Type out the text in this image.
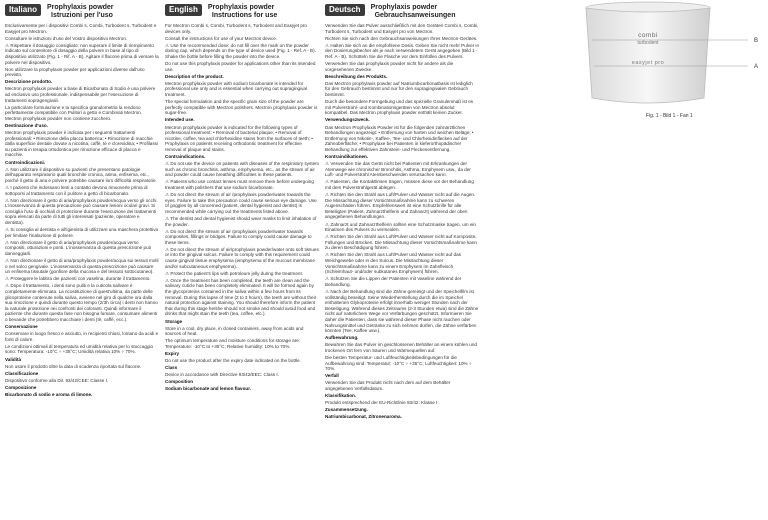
Italiano	Prophylaxis powder
Istruzioni per l'uso

Esclusivamente per i dispositivi Combi s, Combi, Turbodent s, Turbodent e Easyjet pro Mectron.

Consultare le istruzioni d'uso del Vostro dispositivo Mectron.

⚠ Rispettare il dosaggio consigliato: non superare il limite di riempimento indicato sul contenitore di dosaggio della polvere in base al tipo di dispositivo utilizzato (Fig. 1 - Rif. A - B). Agitare il flacone prima di versare la polvere nel dispositivo.

Non utilizzare la prophylaxis powder per applicazioni diverse dall'uso previsto.

Descrizione prodotto.

Mectron prophylaxis powder a base di Bicarbonato di Sodio è una polvere ad esclusivo uso professionale, indispensabile per l'esecuzione di trattamenti sopragengivali.

La particolare formulazione e la specifica granulometria la rendono perfettamente compatibile con Pulitori a getto e Combinati Mectron. Mectron prophylaxis powder non contiene zucchero.

Destinazione d'uso.

Mectron prophylaxis powder è indicata per i seguenti trattamenti professionali: • Rimozione della placca batterica; • Rimozione di macchie dalla superficie dentale dovute a nicotina, caffè, tè e clorexidina; • Profilassi su pazienti in terapia ortodontica per rimozione efficace di placca e macchie.

Controindicazioni.

⚠ Non utilizzare il dispositivo su pazienti che presentano patologie dell'apparato respiratorio quali bronchite cronica, asma, enfisema, etc., poiché il getto di aria e polvere potrebbe causare loro difficoltà respiratorie.

⚠ I pazienti che indossano lenti a contatto devono rimuoverle prima di sottoporsi al trattamento con il pulitore a getto di bicarbonato.

⚠ Non direzionare il getto di aria/prophylaxis powder/acqua verso gli occhi. L'inosservanza di questa precauzione può causare lesioni oculari gravi. Si consiglia l'uso di occhiali di protezione durante l'esecuzione dei trattamenti sopra elencati da parte di tutti gli interessati (paziente, operatore e dentista).

⚠ Si consiglia al dentista e all'igienista di utilizzare una maschera protettiva per limitare l'inalazione di polvere.

⚠ Non direzionare il getto di aria/prophylaxis powder/acqua verso compositi, otturazioni e ponti. L'inosservanza di questa prescrizione può danneggiarli.

⚠ Non direzionare il getto di aria/prophylaxis powder/acqua sui tessuti molli o nel solco gengivale. L'inosservanza di questa prescrizione può causare un enfisema tissutale (gonfiore della mucosa e del tessuto sottocutaneo).

⚠ Proteggere le labbra dei pazienti con vaselina, durante il trattamento.

⚠ Dopo il trattamento, i denti sono puliti e la cuticola salivare è completamente eliminata. La ricostituzione di quest'ultima, da parte delle glicoproteine contenute nella saliva, avviene nel giro di qualche ora dalla sua rimozione e quindi durante questo tempo (2/3h circa) i denti non hanno la naturale protezione nei confronti dei coloranti. Quindi informare il paziente che durante questa fase non bisogna fumare, consumare alimenti o bevande che potrebbero macchiare i denti (tè, caffè, ecc.).

Conservazione

Conservare in luogo fresco e asciutto, in recipienti chiusi, lontano da acidi e fonti di calore.

Le condizioni ottimali di temperatura ed umidità relativa per lo stoccaggio sono: Temperatura: -10°C ÷ +35°C; Umidità relativa 10% ÷ 70%.

Validità

Non usare il prodotto oltre la data di scadenza riportata sul flacone.

Classificazione

Dispositivo conforme alla Dir. 93/42/CEE: Classe I.

Composizione

Bicarbonato di sodio e aroma di limone.

English	Prophylaxis powder
Instructions for use

For Mectron Combi s, Combi, Turbodent s, Turbodent and Easyjet pro devices only.

Consult the instructions for use of your Mectron device.

⚠ Use the recommended dose: do not fill over the mark on the powder dosing cap, which depends on the type of device used (Fig. 1 - Ref. A - B). Shake the bottle before filling the powder into the device.

Do not use this prophylaxis powder for applications other than its intended use.

Description of the product.

Mectron prophylaxis powder with sodium bicarbonate is intended for professional use only and is essential when carrying out supragingival treatment.

The special formulation and the specific grain size of the powder are perfectly compatible with Mectron polishers. Mectron prophylaxis powder is sugar-free.

Intended use.

Mectron prophylaxis powder is indicated for the following types of professional treatment: • Removal of bacterial plaque; • Removal of nicotine, coffee, tea and chlorhexidine stains from the surfaces of teeth; • Prophylaxis on patients receiving orthodontic treatment for effective removal of plaque and stains.

Contraindications.

⚠ Do not use the device on patients with diseases of the respiratory system such as chronic bronchitis, asthma, emphysema, etc., as the stream of air and powder could cause breathing difficulties in these patients.

⚠ Patients who use contact lenses must remove them before undergoing treatment with polishers that use sodium bicarbonate.

⚠ Do not direct the stream of air /prophylaxis powder/water towards the eyes. Failure to take this precaution could cause serious eye damage. Use of goggles by all concerned (patient, dental hygienist and dentist) is recommended while carrying out the treatments listed above.

⚠ The dentist and dental hygienist should wear masks to limit inhalation of the powder.

⚠ Do not direct the stream of air /prophylaxis powder/water towards composites, fillings or bridges. Failure to comply could cause damage to these items.

⚠ Do not direct the stream of air/prophylaxis powder/water onto soft tissues or into the gingival sulcus. Failure to comply with this requirement could cause gingival tissue emphysema (emphysema of the mucous membrane and/or subcutaneous emphysema).

⚠ Protect the patient's lips with petroleum jelly during the treatment.

⚠ Once the treatment has been completed, the teeth are clean and the salivary cuticle has been completely eliminated. It will be formed again by the glycoproteins contained in the saliva within a few hours from its removal. During this lapse of time (2 to 3 hours), the teeth are without their natural protection against staining. You should therefore inform the patient that during this stage he/she should not smoke and should avoid food and drinks that might stain the teeth (tea, coffee, etc.).

Storage

Store in a cool, dry place, in closed containers, away from acids and sources of heat.

The optimum temperature and moisture conditions for storage are: Temperature: -10°C to +35°C; Relative humidity: 10% to 70%.

Expiry

Do not use the product after the expiry date indicated on the bottle.

Class

Device in accordance with Directive 93/42/EEC: Class I.

Composition

Sodium bicarbonate and lemon flavour.

Deutsch	Prophylaxis powder
Gebrauchsanweisungen

Verwenden Sie das Pulver ausschließlich mit den Geräten Combi s, Combi, Turbodent s, Turbodent und Easyjet pro von Mectron.

Richten Sie sich nach den Gebrauchsanweisungen Ihres Mectron-Gerätes.

⚠ Halten Sie sich an die empfohlene Dosis. Geben Sie nicht mehr Pulver in den Dosierungsbecher als je nach verwendetem Gerät angegeben (Bild 1 - Ref. A - B). Schütteln Sie die Flasche vor dem Einfüllen des Pulvers.

Verwenden Sie das prophylaxis powder nicht für andere als die vorgesehenen Zwecke.

Beschreibung des Produkts.

Das Mectron prophylaxis powder auf Natriumbicarbonatbasis ist lediglich für den Gebrauch bestimmt und nur für den supragingivalen Gebrauch bestimmt.

Durch die besondere Formgebung und das spezielle Granulenmaß ist es mit Pulverstrahl- und Kombinationsgeräten von Mectron absolut kompatibel. Das Mectron prophylaxis powder enthält keinen Zucker.

Verwendungszweck.

Das Mectron Prophylaxis Powder ist für die folgenden zahnärztlichen Behandlungen angezeigt: • Entfernung von harten und weichen Beläge; • Entfernung von Nikotin-, Kaffee-, Tee- und Chlorhexidinflecken auf der Zahnoberfläche; • Prophylaxe bei Patienten in kieferorthopädischer Behandlung zur effektiven Zahnstein- und Fleckenentfernung.

Kontraindikationen.

⚠ Verwenden Sie das Gerät nicht bei Patienten mit Erkrankungen der Atemwege wie chronischer Bronchitis, Asthma, Emphysem usw., da der Luft- und Pulverstrahl Atembeschwerden verursachen kann.

⚠ Patienten, die Kontaktlinsen tragen, müssen diese vor der Behandlung mit dem Pulverstrahlgerät ablegen.

⚠ Richten Sie den Strahl aus Luft/Pulver und Wasser nicht auf die Augen. Die Missachtung dieser Vorsichtsmaßnahme kann zu schweren Augenschäden führen. Empfehlenswert ist eine Schutzbrille für alle Beteiligten (Patient, Zahnarzthelferin und Zahnarzt) während der oben angegebenen Behandlungen.

⚠ Zahnarzt und Zahnarzthelferin sollten eine Schutzmaske tragen, um ein Einatmen des Pulvers zu vermeiden.

⚠ Richten Sie den Strahl aus Luft/Pulver und Wasser nicht auf Komposite, Füllungen und Brücken. Die Missachtung dieser Vorsichtsmaßnahme kann zu deren Beschädigung führen.

⚠ Richten Sie den Strahl aus Luft/Pulver und Wasser nicht auf das Weichgewebe oder in den Sulcus. Die Missachtung dieser Vorsichtsmaßnahme kann zu einem Emphysem im Zahnfleisch (Schleimhaut- und/oder subkutanes Emphysem) führen.

⚠ Schützen Sie die Lippen der Patienten mit Vaseline während der Behandlung.

⚠ Nach der Behandlung sind die Zähne gereinigt und der Speichelfilm ist vollständig beseitigt. Seine Wiederherstellung durch die im Speichel enthaltenen Glykoproteine erfolgt innerhalb weniger Stunden nach der Beseitigung. Während dieses Zeitraums (2-3 Stunden etwa) sind die Zähne nicht auf natürlichem Wege vor Verfärbungen geschützt. Informieren Sie daher die Patienten, dass sie während dieser Phase nicht rauchen oder Nahrungsmittel und Getränke zu sich nehmen dürfen, die Zähne verfärben könnten (Tee, Kaffee usw.).

Aufbewahrung.

Bewahren Sie das Pulver im geschlossenen Behälter an einem kühlen und trockenen Ort fern von Säuren und Wärmequellen auf.

Die besten Temperatur- und Luftfeuchtigkeitsbedingungen für die Aufbewahrung sind: Temperatur: -10°C ÷ +35°C; Luftfeuchtigkeit: 10% ÷ 70%.

Verfall

Verwenden Sie das Produkt nicht nach dem auf dem Behälter angegebenen Verfallsdatum.

Klassifikation.

Produkt entsprechend der EU-Richtlinie 93/42: Klasse I.

Zusammensetzung.

Natriumbicarbonat, Zitronenaroma.

combi
turbodent
easyjet pro
B
A
Fig. 1 - Bild 1 - Fan 1
